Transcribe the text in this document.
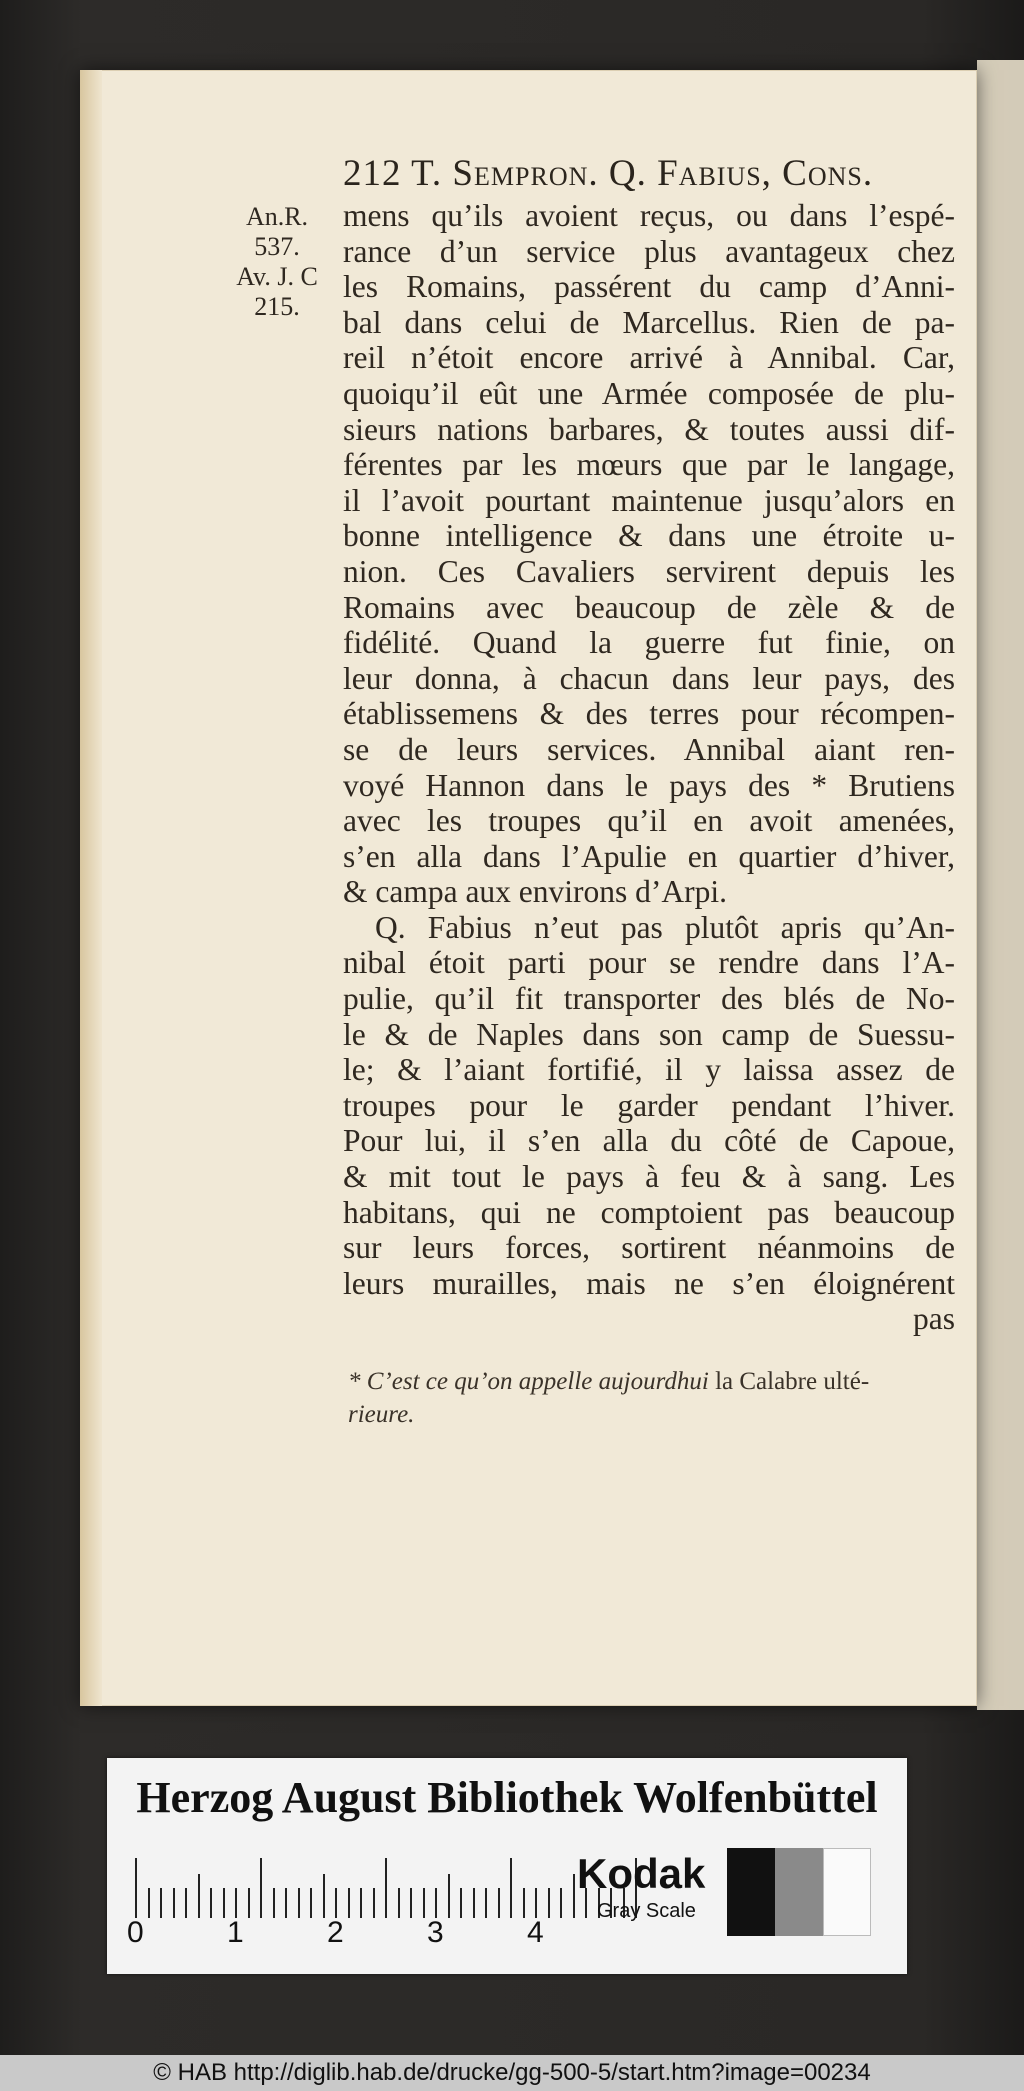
An.R.
537.
Av. J. C
215.
212 T. Sempron. Q. Fabius, Cons.
mens qu’ils avoient reçus, ou dans l’espé-
rance d’un service plus avantageux chez
les Romains, passérent du camp d’Anni-
bal dans celui de Marcellus. Rien de pa-
reil n’étoit encore arrivé à Annibal. Car,
quoiqu’il eût une Armée composée de plu-
sieurs nations barbares, & toutes aussi dif-
férentes par les mœurs que par le langage,
il l’avoit pourtant maintenue jusqu’alors en
bonne intelligence & dans une étroite u-
nion. Ces Cavaliers servirent depuis les
Romains avec beaucoup de zèle & de
fidélité. Quand la guerre fut finie, on
leur donna, à chacun dans leur pays, des
établissemens & des terres pour récompen-
se de leurs services. Annibal aiant ren-
voyé Hannon dans le pays des * Brutiens
avec les troupes qu’il en avoit amenées,
s’en alla dans l’Apulie en quartier d’hiver,
& campa aux environs d’Arpi.
Q. Fabius n’eut pas plutôt apris qu’An-
nibal étoit parti pour se rendre dans l’A-
pulie, qu’il fit transporter des blés de No-
le & de Naples dans son camp de Suessu-
le; & l’aiant fortifié, il y laissa assez de
troupes pour le garder pendant l’hiver.
Pour lui, il s’en alla du côté de Capoue,
& mit tout le pays à feu & à sang. Les
habitans, qui ne comptoient pas beaucoup
sur leurs forces, sortirent néanmoins de
leurs murailles, mais ne s’en éloignérent
pas
* C’est ce qu’on appelle aujourdhui la Calabre ulté-
rieure.
Herzog August Bibliothek Wolfenbüttel
0	1	2	3	4
Kodak
Gray Scale
© HAB http://diglib.hab.de/drucke/gg-500-5/start.htm?image=00234
